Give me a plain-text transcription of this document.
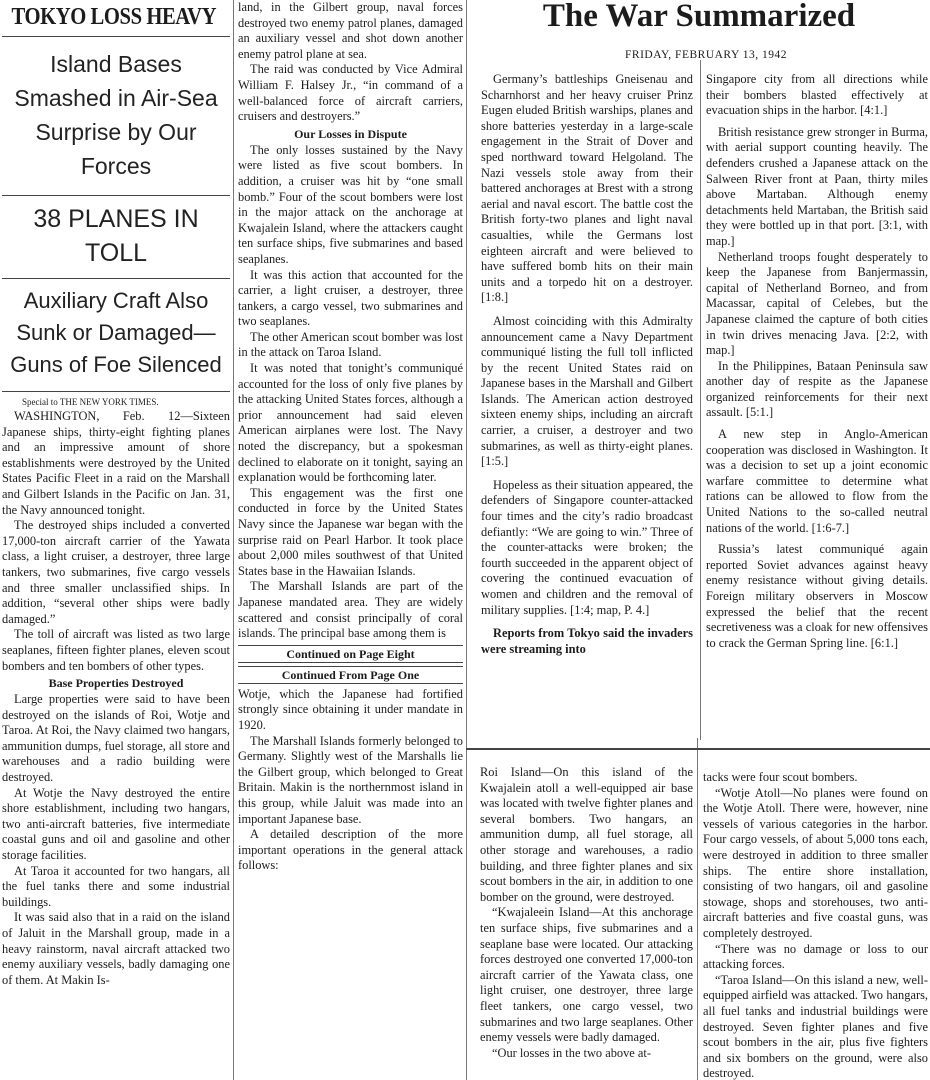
TOKYO LOSS HEAVY
Island Bases Smashed in Air-Sea Surprise by Our Forces
38 PLANES IN TOLL
Auxiliary Craft Also Sunk or Damaged—Guns of Foe Silenced

Special to THE NEW YORK TIMES.

WASHINGTON, Feb. 12—Sixteen Japanese ships, thirty-eight fighting planes and an impressive amount of shore establishments were destroyed by the United States Pacific Fleet in a raid on the Marshall and Gilbert Islands in the Pacific on Jan. 31, the Navy announced tonight.

The destroyed ships included a converted 17,000-ton aircraft carrier of the Yawata class, a light cruiser, a destroyer, three large tankers, two submarines, five cargo vessels and three smaller unclassified ships. In addition, “several other ships were badly damaged.”

The toll of aircraft was listed as two large seaplanes, fifteen fighter planes, eleven scout bombers and ten bombers of other types.

Base Properties Destroyed

Large properties were said to have been destroyed on the islands of Roi, Wotje and Taroa. At Roi, the Navy claimed two hangars, ammunition dumps, fuel storage, all store and warehouses and a radio building were destroyed.

At Wotje the Navy destroyed the entire shore establishment, including two hangars, two anti-aircraft batteries, five intermediate coastal guns and oil and gasoline and other storage facilities.

At Taroa it accounted for two hangars, all the fuel tanks there and some industrial buildings.

It was said also that in a raid on the island of Jaluit in the Marshall group, made in a heavy rainstorm, naval aircraft attacked two enemy auxiliary vessels, badly damaging one of them. At Makin Is-

land, in the Gilbert group, naval forces destroyed two enemy patrol planes, damaged an auxiliary vessel and shot down another enemy patrol plane at sea.

The raid was conducted by Vice Admiral William F. Halsey Jr., “in command of a well-balanced force of aircraft carriers, cruisers and destroyers.”

Our Losses in Dispute

The only losses sustained by the Navy were listed as five scout bombers. In addition, a cruiser was hit by “one small bomb.” Four of the scout bombers were lost in the major attack on the anchorage at Kwajalein Island, where the attackers caught ten surface ships, five submarines and based seaplanes.

It was this action that accounted for the carrier, a light cruiser, a destroyer, three tankers, a cargo vessel, two submarines and two seaplanes.

The other American scout bomber was lost in the attack on Taroa Island.

It was noted that tonight’s communiqué accounted for the loss of only five planes by the attacking United States forces, although a prior announcement had said eleven American airplanes were lost. The Navy noted the discrepancy, but a spokesman declined to elaborate on it tonight, saying an explanation would be forthcoming later.

This engagement was the first one conducted in force by the United States Navy since the Japanese war began with the surprise raid on Pearl Harbor. It took place about 2,000 miles southwest of that United States base in the Hawaiian Islands.

The Marshall Islands are part of the Japanese mandated area. They are widely scattered and consist principally of coral islands. The principal base among them is

Continued on Page Eight
Continued From Page One

Wotje, which the Japanese had fortified strongly since obtaining it under mandate in 1920.

The Marshall Islands formerly belonged to Germany. Slightly west of the Marshalls lie the Gilbert group, which belonged to Great Britain. Makin is the northernmost island in this group, while Jaluit was made into an important Japanese base.

A detailed description of the more important operations in the general attack follows:

The War Summarized
FRIDAY, FEBRUARY 13, 1942

Germany’s battleships Gneisenau and Scharnhorst and her heavy cruiser Prinz Eugen eluded British warships, planes and shore batteries yesterday in a large-scale engagement in the Strait of Dover and sped northward toward Helgoland. The Nazi vessels stole away from their battered anchorages at Brest with a strong aerial and naval escort. The battle cost the British forty-two planes and light naval casualties, while the Germans lost eighteen aircraft and were believed to have suffered bomb hits on their main units and a torpedo hit on a destroyer. [1:8.]

Almost coinciding with this Admiralty announcement came a Navy Department communiqué listing the full toll inflicted by the recent United States raid on Japanese bases in the Marshall and Gilbert Islands. The American action destroyed sixteen enemy ships, including an aircraft carrier, a cruiser, a destroyer and two submarines, as well as thirty-eight planes. [1:5.]

Hopeless as their situation appeared, the defenders of Singapore counter-attacked four times and the city’s radio broadcast defiantly: “We are going to win.” Three of the counter-attacks were broken; the fourth succeeded in the apparent object of covering the continued evacuation of women and children and the removal of military supplies. [1:4; map, P. 4.]

Reports from Tokyo said the invaders were streaming into

Singapore city from all directions while their bombers blasted effectively at evacuation ships in the harbor. [4:1.]

British resistance grew stronger in Burma, with aerial support counting heavily. The defenders crushed a Japanese attack on the Salween River front at Paan, thirty miles above Martaban. Although enemy detachments held Martaban, the British said they were bottled up in that port. [3:1, with map.]

Netherland troops fought desperately to keep the Japanese from Banjermassin, capital of Netherland Borneo, and from Macassar, capital of Celebes, but the Japanese claimed the capture of both cities in twin drives menacing Java. [2:2, with map.]

In the Philippines, Bataan Peninsula saw another day of respite as the Japanese organized reinforcements for their next assault. [5:1.]

A new step in Anglo-American cooperation was disclosed in Washington. It was a decision to set up a joint economic warfare committee to determine what rations can be allowed to flow from the United Nations to the so-called neutral nations of the world. [1:6-7.]

Russia’s latest communiqué again reported Soviet advances against heavy enemy resistance without giving details. Foreign military observers in Moscow expressed the belief that the recent secretiveness was a cloak for new offensives to crack the German Spring line. [6:1.]

Roi Island—On this island of the Kwajalein atoll a well-equipped air base was located with twelve fighter planes and several bombers. Two hangars, an ammunition dump, all fuel storage, all other storage and warehouses, a radio building, and three fighter planes and six scout bombers in the air, in addition to one bomber on the ground, were destroyed.

“Kwajaleein Island—At this anchorage ten surface ships, five submarines and a seaplane base were located. Our attacking forces destroyed one converted 17,000-ton aircraft carrier of the Yawata class, one light cruiser, one destroyer, three large fleet tankers, one cargo vessel, two submarines and two large seaplanes. Other enemy vessels were badly damaged.

“Our losses in the two above at-

tacks were four scout bombers.

“Wotje Atoll—No planes were found on the Wotje Atoll. There were, however, nine vessels of various categories in the harbor. Four cargo vessels, of about 5,000 tons each, were destroyed in addition to three smaller ships. The entire shore installation, consisting of two hangars, oil and gasoline stowage, shops and storehouses, two anti-aircraft batteries and five coastal guns, was completely destroyed.

“There was no damage or loss to our attacking forces.

“Taroa Island—On this island a new, well-equipped airfield was attacked. Two hangars, all fuel tanks and industrial buildings were destroyed. Seven fighter planes and five scout bombers in the air, plus five fighters and six bombers on the ground, were also destroyed.
